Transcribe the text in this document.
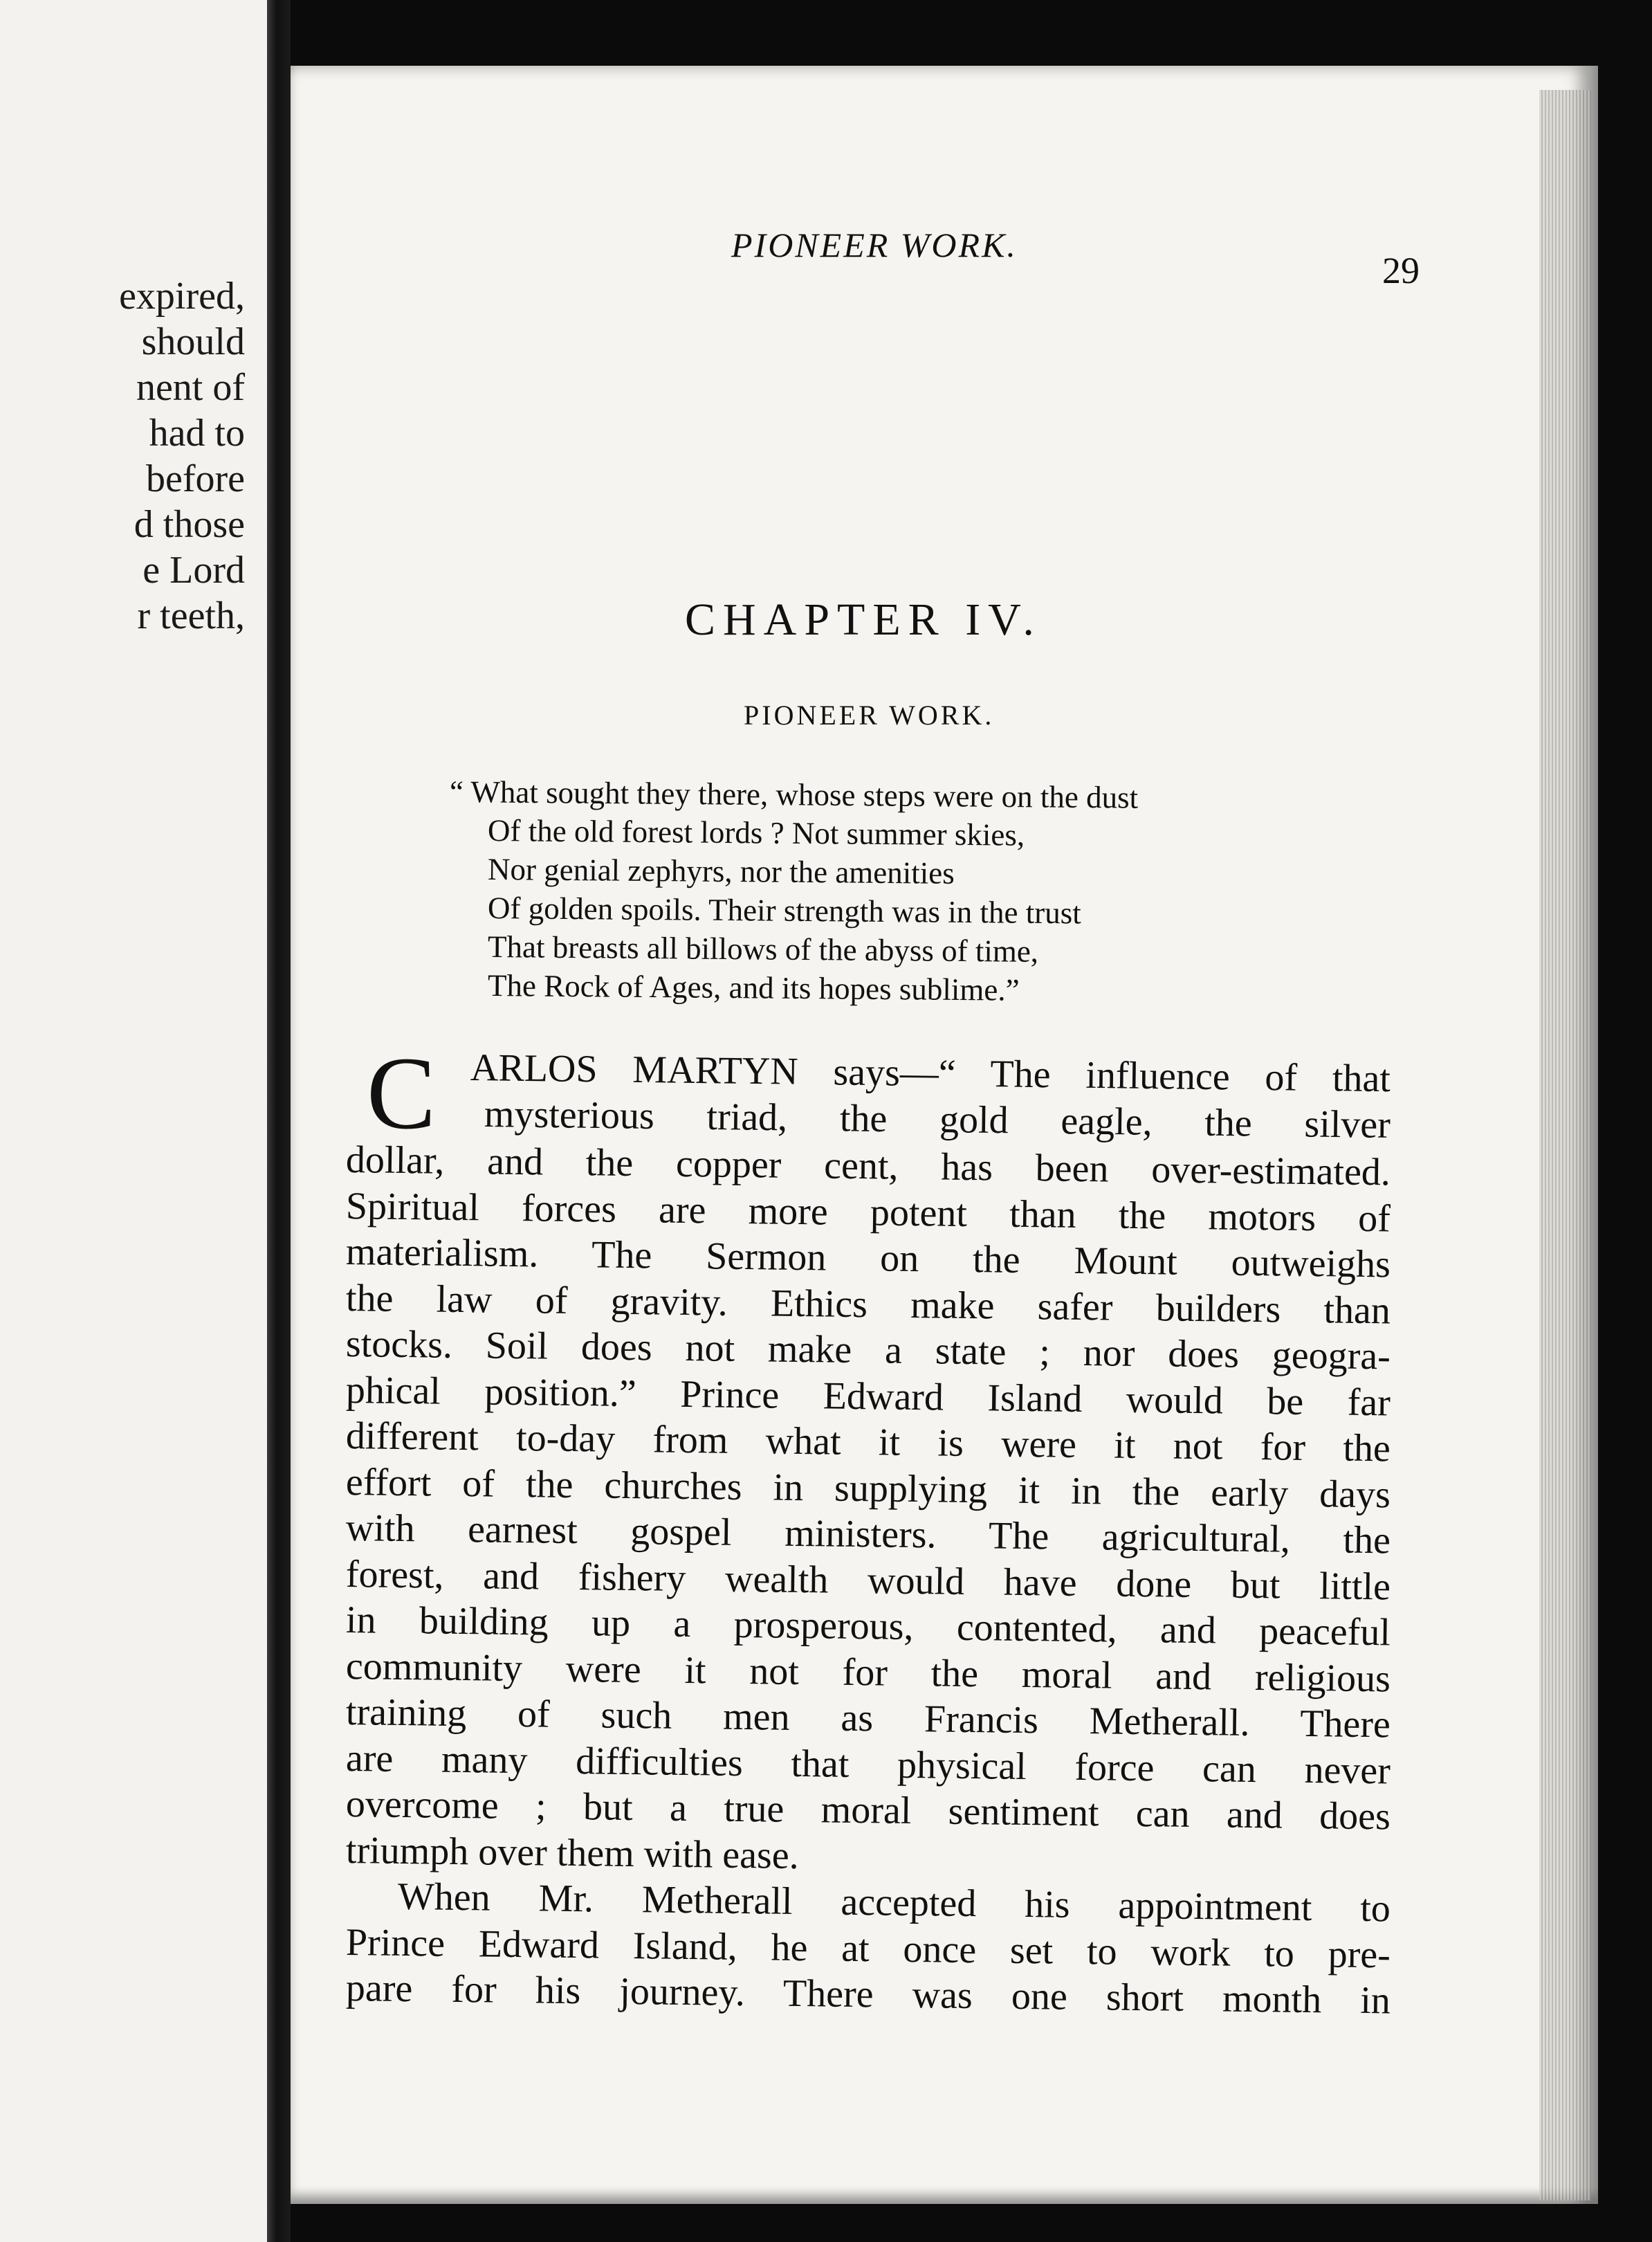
expired,
should
nent of
had to
before
d those
e Lord
r teeth,
PIONEER WORK.
29
CHAPTER IV.
PIONEER WORK.
“ What sought they there, whose steps were on the dust
Of the old forest lords ? Not summer skies,
Nor genial zephyrs, nor the amenities
Of golden spoils. Their strength was in the trust
That breasts all billows of the abyss of time,
The Rock of Ages, and its hopes sublime.”
C ARLOS MARTYN says—“ The influence of that
mysterious triad, the gold eagle, the silver
dollar, and the copper cent, has been over-estimated.
Spiritual forces are more potent than the motors of
materialism. The Sermon on the Mount outweighs
the law of gravity. Ethics make safer builders than
stocks. Soil does not make a state ; nor does geogra-
phical position.” Prince Edward Island would be far
different to-day from what it is were it not for the
effort of the churches in supplying it in the early days
with earnest gospel ministers. The agricultural, the
forest, and fishery wealth would have done but little
in building up a prosperous, contented, and peaceful
community were it not for the moral and religious
training of such men as Francis Metherall. There
are many difficulties that physical force can never
overcome ; but a true moral sentiment can and does
triumph over them with ease.
When Mr. Metherall accepted his appointment to
Prince Edward Island, he at once set to work to pre-
pare for his journey. There was one short month in
